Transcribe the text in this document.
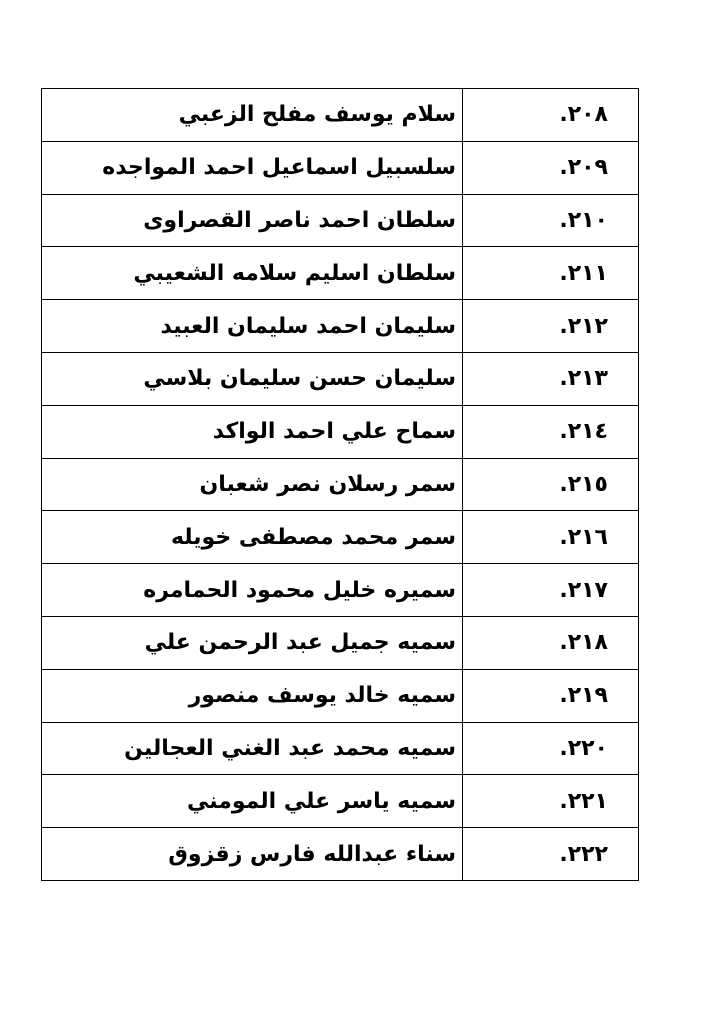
٢٠٨.	سلام يوسف مفلح الزعبي
٢٠٩.	سلسبيل اسماعيل احمد المواجده
٢١٠.	سلطان احمد ناصر القصراوى
٢١١.	سلطان اسليم سلامه الشعيبي
٢١٢.	سليمان احمد سليمان العبيد
٢١٣.	سليمان حسن سليمان بلاسي
٢١٤.	سماح علي احمد الواكد
٢١٥.	سمر رسلان نصر شعبان
٢١٦.	سمر محمد مصطفى خويله
٢١٧.	سميره خليل محمود الحمامره
٢١٨.	سميه جميل عبد الرحمن علي
٢١٩.	سميه خالد يوسف منصور
٢٢٠.	سميه محمد عبد الغني العجالين
٢٢١.	سميه ياسر علي المومني
٢٢٢.	سناء عبدالله فارس زقزوق
